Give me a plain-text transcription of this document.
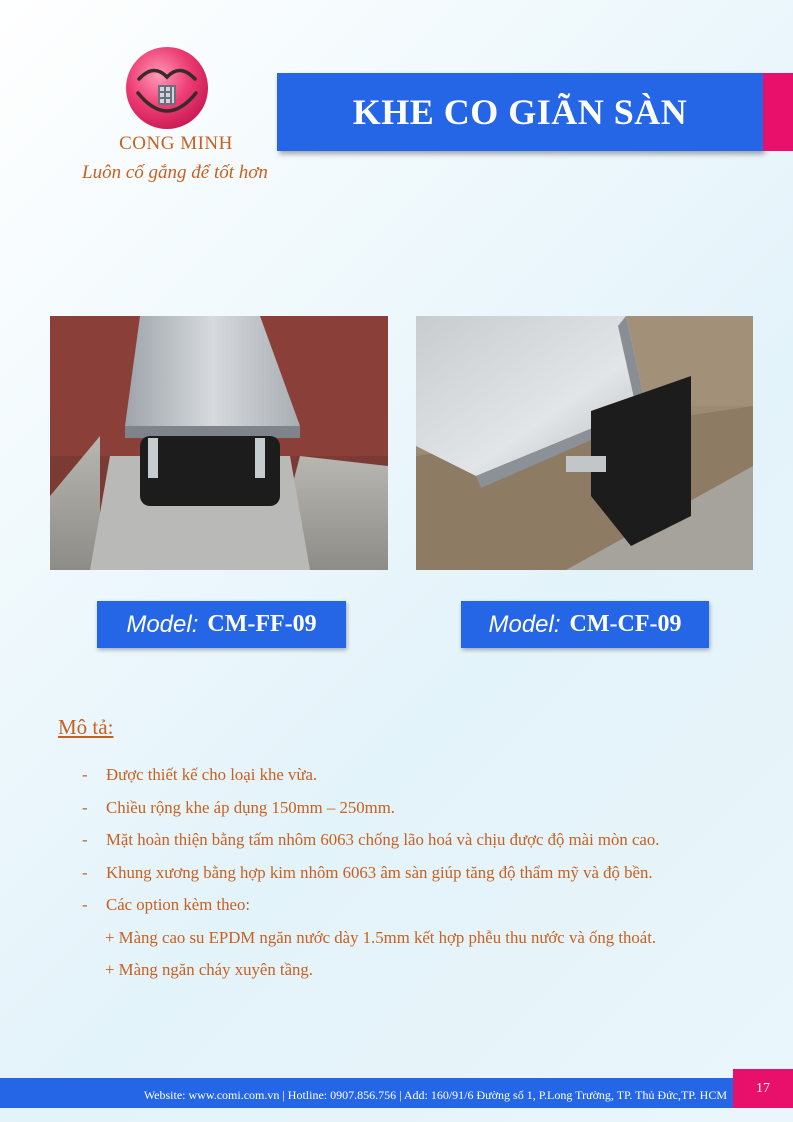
CONG MINH
Luôn cố gắng để tốt hơn
KHE CO GIÃN SÀN
Model: CM-FF-09	Model: CM-CF-09
Mô tả:
- Được thiết kế cho loại khe vừa.
- Chiều rộng khe áp dụng 150mm – 250mm.
- Mặt hoàn thiện bằng tấm nhôm 6063 chống lão hoá và chịu được độ mài mòn cao.
- Khung xương bằng hợp kim nhôm 6063 âm sàn giúp tăng độ thẩm mỹ và độ bền.
- Các option kèm theo:
+ Màng cao su EPDM ngăn nước dày 1.5mm kết hợp phễu thu nước và ống thoát.
+ Màng ngăn cháy xuyên tầng.
Website: www.comi.com.vn | Hotline: 0907.856.756 | Add: 160/91/6 Đường số 1, P.Long Trường, TP. Thủ Đức,TP. HCM	17
